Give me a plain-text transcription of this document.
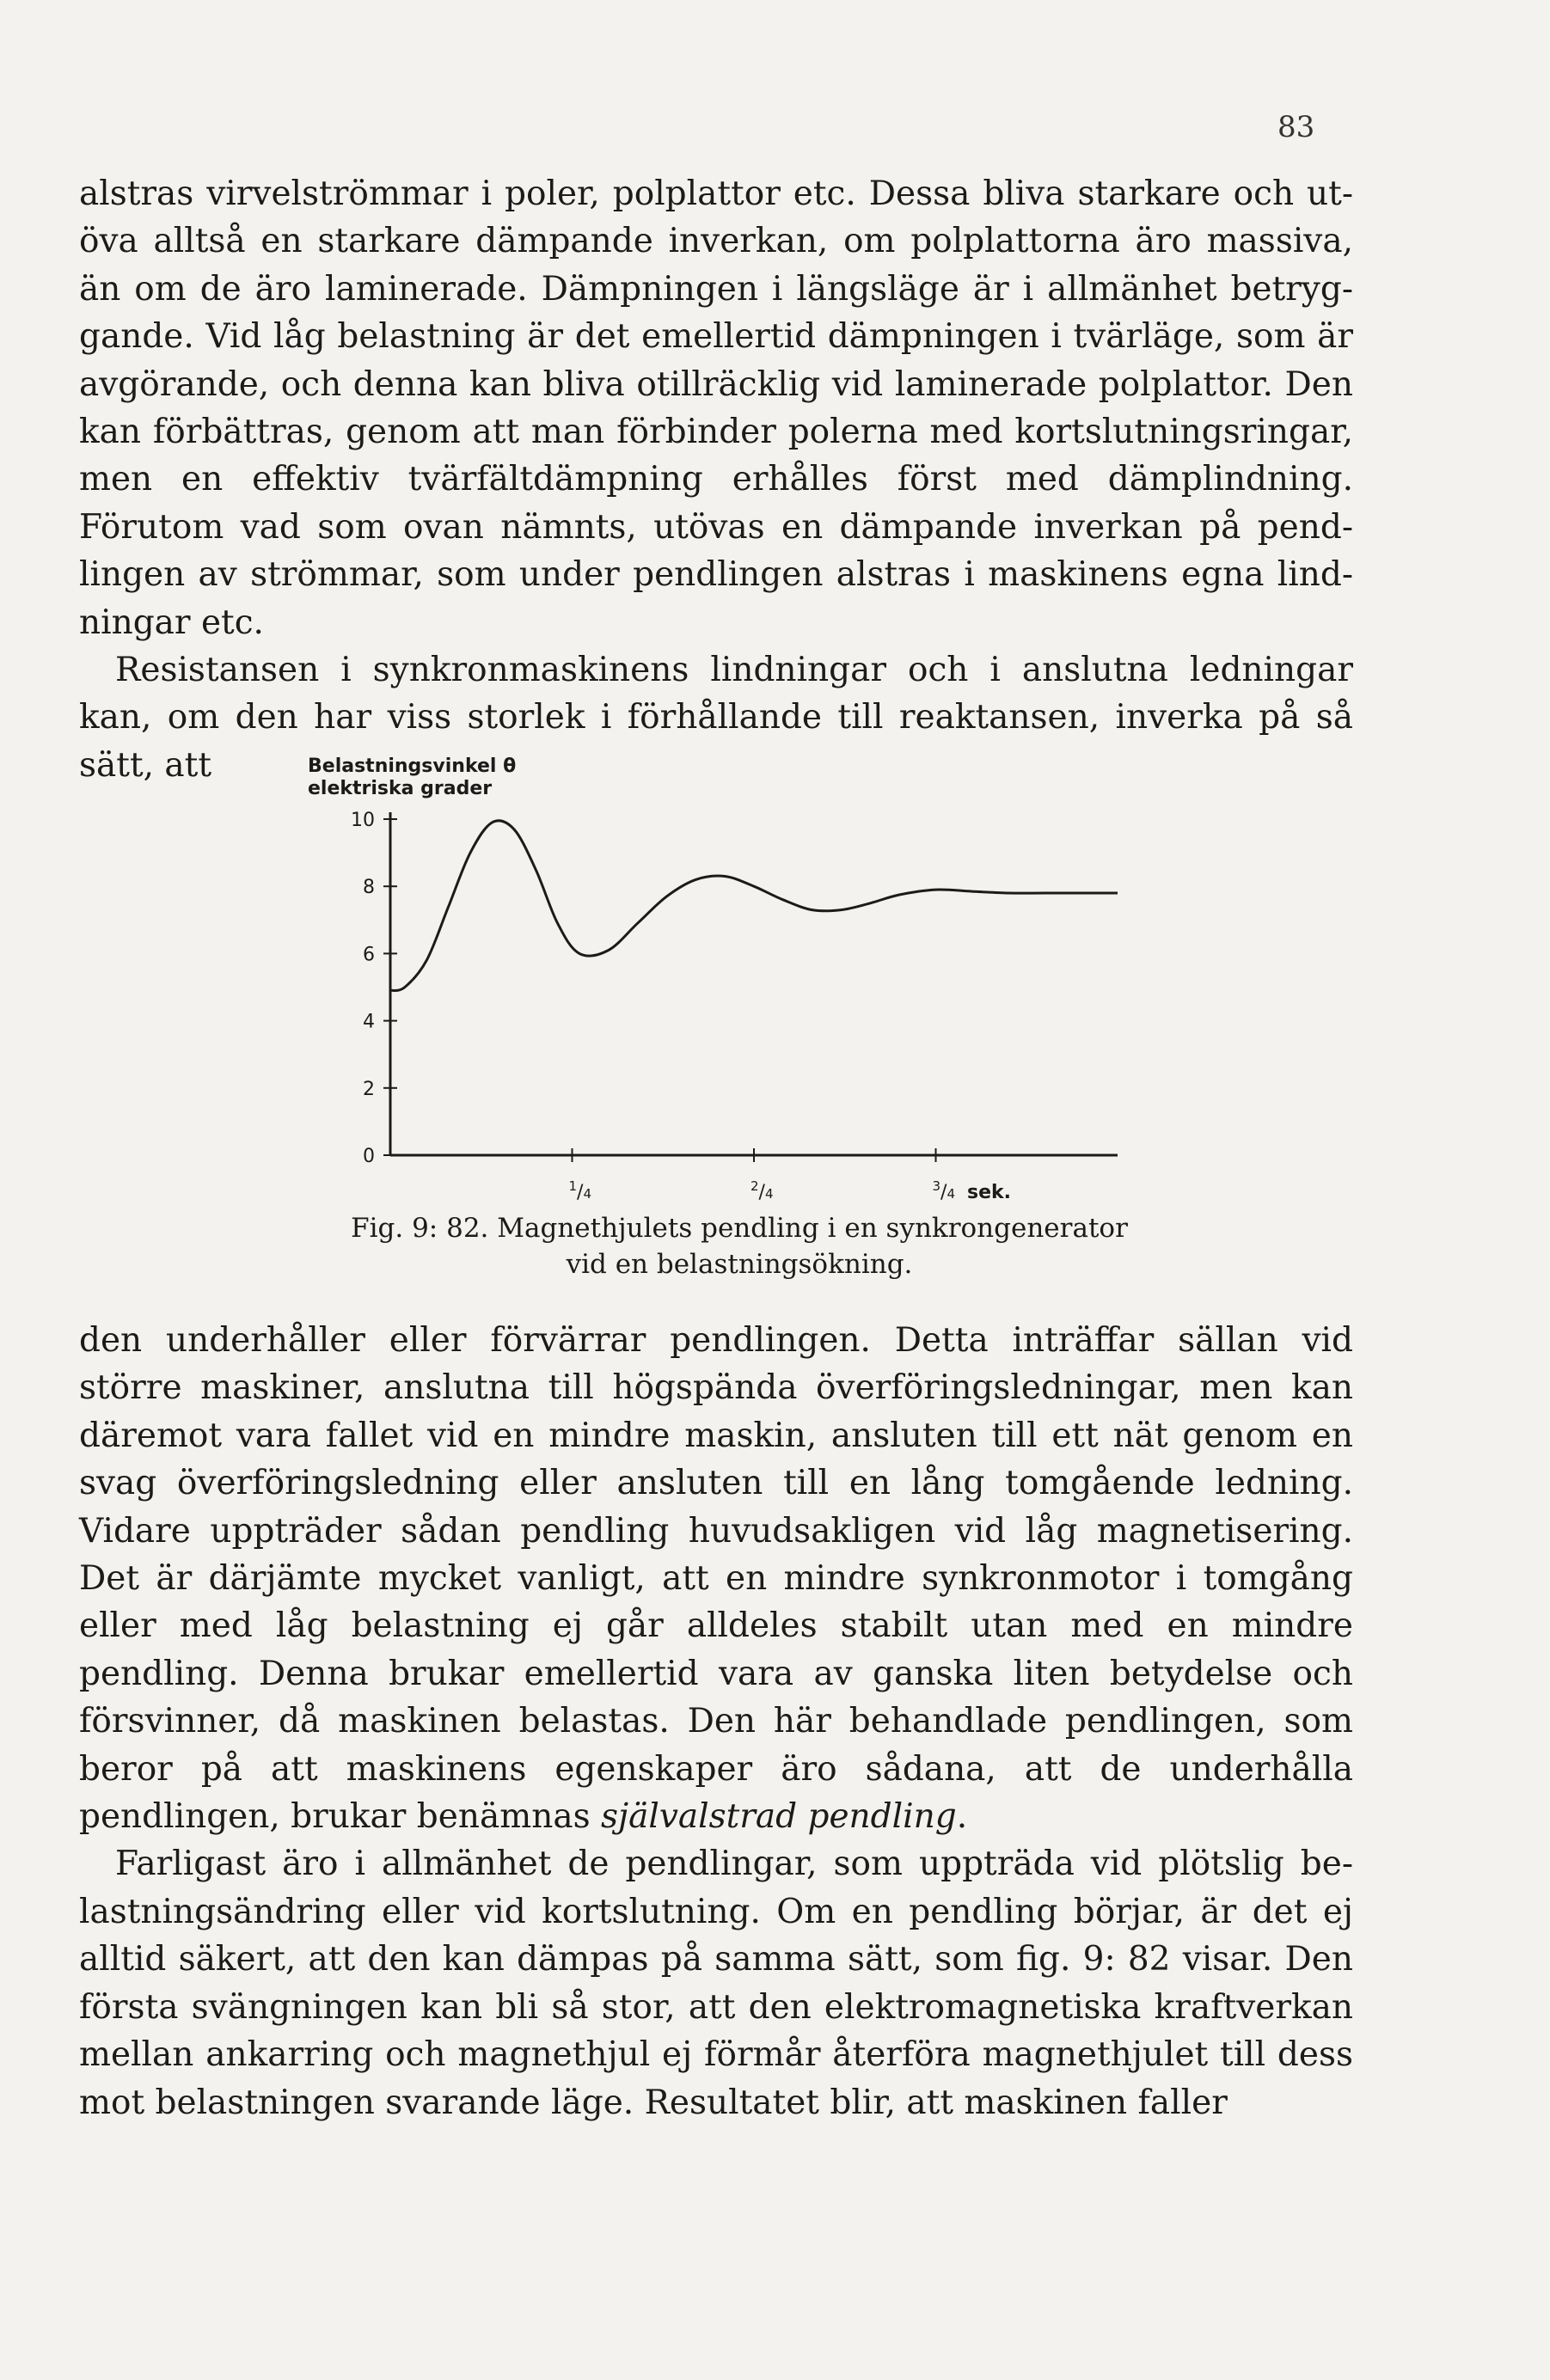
83

alstras virvelströmmar i poler, polplattor etc. Dessa bliva starkare och utöva alltså en starkare dämpande inverkan, om polplattorna äro massiva, än om de äro laminerade. Dämpningen i längsläge är i allmänhet betryggande. Vid låg belastning är det emellertid dämpningen i tvärläge, som är avgörande, och denna kan bliva otillräcklig vid laminerade polplattor. Den kan förbättras, genom att man förbinder polerna med kortslutningsringar, men en effektiv tvärfältdämpning erhålles först med dämplindning. Förutom vad som ovan nämnts, utövas en dämpande inverkan på pendlingen av strömmar, som under pendlingen alstras i maskinens egna lindningar etc.

Resistansen i synkronmaskinens lindningar och i anslutna ledningar kan, om den har viss storlek i förhållande till reaktansen, inverka på så sätt, att	Belastningsvinkel θ
elektriska grader
0
2
4
6
8
10
$^1$/4	$^2$/4	$^3$/4 sek.

Fig. 9: 82. Magnethjulets pendling i en synkrongenerator

vid en belastningsökning.

den underhåller eller förvärrar pendlingen. Detta inträffar sällan vid större maskiner, anslutna till högspända överföringsledningar, men kan däremot vara fallet vid en mindre maskin, ansluten till ett nät genom en svag överföringsledning eller ansluten till en lång tomgående ledning. Vidare uppträder sådan pendling huvudsakligen vid låg magnetisering. Det är därjämte mycket vanligt, att en mindre synkronmotor i tomgång eller med låg belastning ej går alldeles stabilt utan med en mindre pendling. Denna brukar emellertid vara av ganska liten betydelse och försvinner, då maskinen belastas. Den här behandlade pendlingen, som beror på att maskinens egenskaper äro sådana, att de underhålla pendlingen, brukar benämnas självalstrad pendling.

Farligast äro i allmänhet de pendlingar, som uppträda vid plötslig belastningsändring eller vid kortslutning. Om en pendling börjar, är det ej alltid säkert, att den kan dämpas på samma sätt, som fig. 9: 82 visar. Den första svängningen kan bli så stor, att den elektromagnetiska kraftverkan mellan ankarring och magnethjul ej förmår återföra magnethjulet till dess mot belastningen svarande läge. Resultatet blir, att maskinen faller
